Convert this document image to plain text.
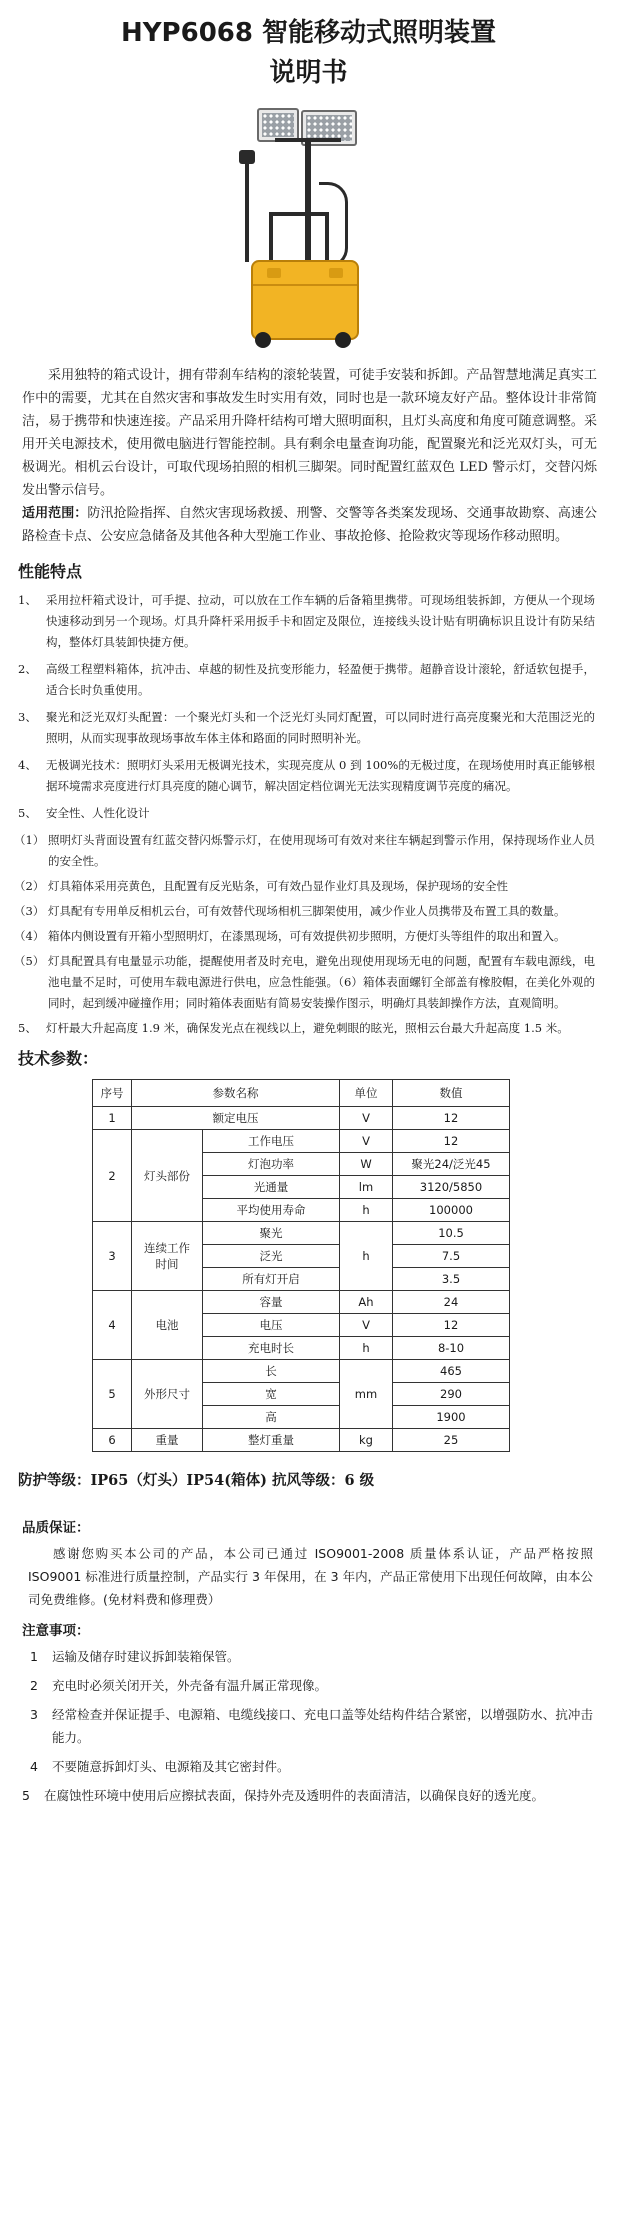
HYP6068 智能移动式照明装置
说明书

采用独特的箱式设计，拥有带刹车结构的滚轮装置，可徒手安装和拆卸。产品智慧地满足真实工作中的需要，尤其在自然灾害和事故发生时实用有效，同时也是一款环境友好产品。整体设计非常简洁，易于携带和快速连接。产品采用升降杆结构可增大照明面积，且灯头高度和角度可随意调整。采用开关电源技术，使用微电脑进行智能控制。具有剩余电量查询功能，配置聚光和泛光双灯头，可无极调光。相机云台设计，可取代现场拍照的相机三脚架。同时配置红蓝双色 LED 警示灯，交替闪烁发出警示信号。

适用范围：防汛抢险指挥、自然灾害现场救援、刑警、交警等各类案发现场、交通事故勘察、高速公路检查卡点、公安应急储备及其他各种大型施工作业、事故抢修、抢险救灾等现场作移动照明。

性能特点
1、 采用拉杆箱式设计，可手提、拉动，可以放在工作车辆的后备箱里携带。可现场组装拆卸，方便从一个现场快速移动到另一个现场。灯具升降杆采用扳手卡和固定及限位，连接线头设计贴有明确标识且设计有防呆结构，整体灯具装卸快捷方便。
2、 高级工程塑料箱体，抗冲击、卓越的韧性及抗变形能力，轻盈便于携带。超静音设计滚轮，舒适软包提手，适合长时负重使用。
3、 聚光和泛光双灯头配置：一个聚光灯头和一个泛光灯头同灯配置，可以同时进行高亮度聚光和大范围泛光的照明，从而实现事故现场事故车体主体和路面的同时照明补光。
4、 无极调光技术：照明灯头采用无极调光技术，实现亮度从 0 到 100%的无极过度，在现场使用时真正能够根据环境需求亮度进行灯具亮度的随心调节，解决固定档位调光无法实现精度调节亮度的痛况。
5、 安全性、人性化设计
（1） 照明灯头背面设置有红蓝交替闪烁警示灯，在使用现场可有效对来往车辆起到警示作用，保持现场作业人员的安全性。
（2） 灯具箱体采用亮黄色，且配置有反光贴条，可有效凸显作业灯具及现场，保护现场的安全性
（3） 灯具配有专用单反相机云台，可有效替代现场相机三脚架使用，减少作业人员携带及布置工具的数量。
（4） 箱体内侧设置有开箱小型照明灯，在漆黑现场，可有效提供初步照明，方便灯头等组件的取出和置入。
（5） 灯具配置具有电量显示功能，提醒使用者及时充电，避免出现使用现场无电的问题，配置有车载电源线，电池电量不足时，可使用车载电源进行供电，应急性能强。（6）箱体表面螺钉全部盖有橡胶帽，在美化外观的同时，起到缓冲碰撞作用；同时箱体表面贴有简易安装操作图示，明确灯具装卸操作方法，直观简明。
5、 灯杆最大升起高度 1.9 米，确保发光点在视线以上，避免刺眼的眩光，照相云台最大升起高度 1.5 米。
技术参数：
序号	参数名称		单位	数值
1	额定电压		V	12
2	灯头部份	工作电压	V	12
		灯泡功率	W	聚光24/泛光45
		光通量	lm	3120/5850
		平均使用寿命	h	100000
3	连续工作时间	聚光	h	10.5
		泛光		7.5
		所有灯开启		3.5
4	电池	容量	Ah	24
		电压	V	12
		充电时长	h	8-10
5	外形尺寸	长	mm	465
		宽		290
		高		1900
6	重量	整灯重量	kg	25
防护等级：IP65（灯头）IP54(箱体) 抗风等级：6 级
品质保证：

感谢您购买本公司的产品，本公司已通过 ISO9001-2008 质量体系认证，产品严格按照 ISO9001 标准进行质量控制，产品实行 3 年保用，在 3 年内，产品正常使用下出现任何故障，由本公司免费维修。(免材料费和修理费）

注意事项：
1	运输及储存时建议拆卸装箱保管。
2	充电时必须关闭开关，外壳备有温升属正常现像。
3	经常检查并保证提手、电源箱、电缆线接口、充电口盖等处结构件结合紧密，以增强防水、抗冲击能力。
4	不要随意拆卸灯头、电源箱及其它密封件。
5	在腐蚀性环境中使用后应擦拭表面，保持外壳及透明件的表面清洁，以确保良好的透光度。
